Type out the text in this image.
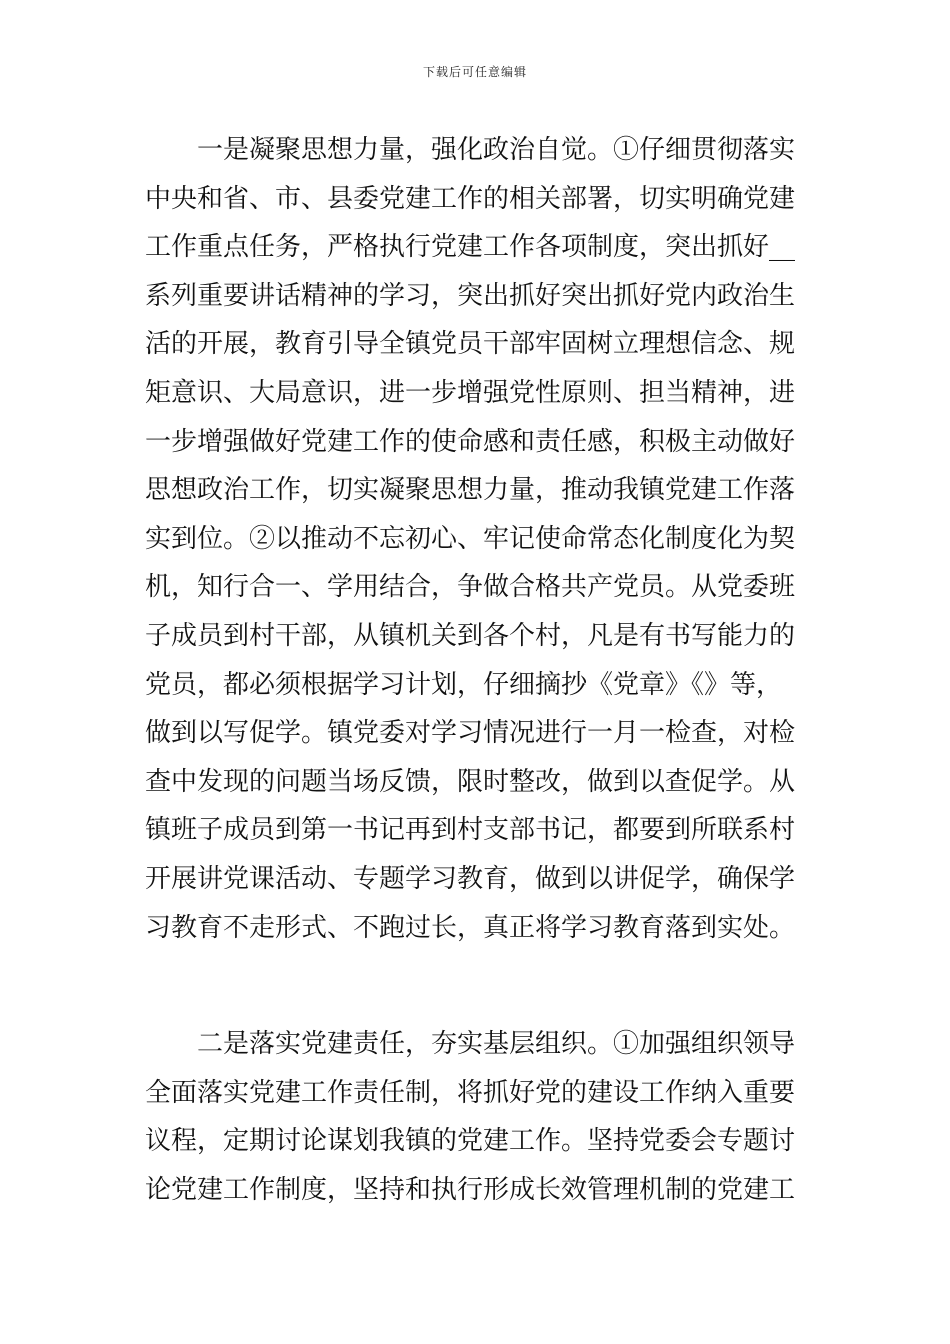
下载后可任意编辑
　　一是凝聚思想力量，强化政治自觉。①仔细贯彻落实
中央和省、市、县委党建工作的相关部署，切实明确党建
工作重点任务，严格执行党建工作各项制度，突出抓好__
系列重要讲话精神的学习，突出抓好突出抓好党内政治生
活的开展，教育引导全镇党员干部牢固树立理想信念、规
矩意识、大局意识，进一步增强党性原则、担当精神，进
一步增强做好党建工作的使命感和责任感，积极主动做好
思想政治工作，切实凝聚思想力量，推动我镇党建工作落
实到位。②以推动不忘初心、牢记使命常态化制度化为契
机，知行合一、学用结合，争做合格共产党员。从党委班
子成员到村干部，从镇机关到各个村，凡是有书写能力的
党员，都必须根据学习计划，仔细摘抄《党章》《》等，
做到以写促学。镇党委对学习情况进行一月一检查，对检
查中发现的问题当场反馈，限时整改，做到以查促学。从
镇班子成员到第一书记再到村支部书记，都要到所联系村
开展讲党课活动、专题学习教育，做到以讲促学，确保学
习教育不走形式、不跑过长，真正将学习教育落到实处。
　　二是落实党建责任，夯实基层组织。①加强组织领导
全面落实党建工作责任制，将抓好党的建设工作纳入重要
议程，定期讨论谋划我镇的党建工作。坚持党委会专题讨
论党建工作制度，坚持和执行形成长效管理机制的党建工
